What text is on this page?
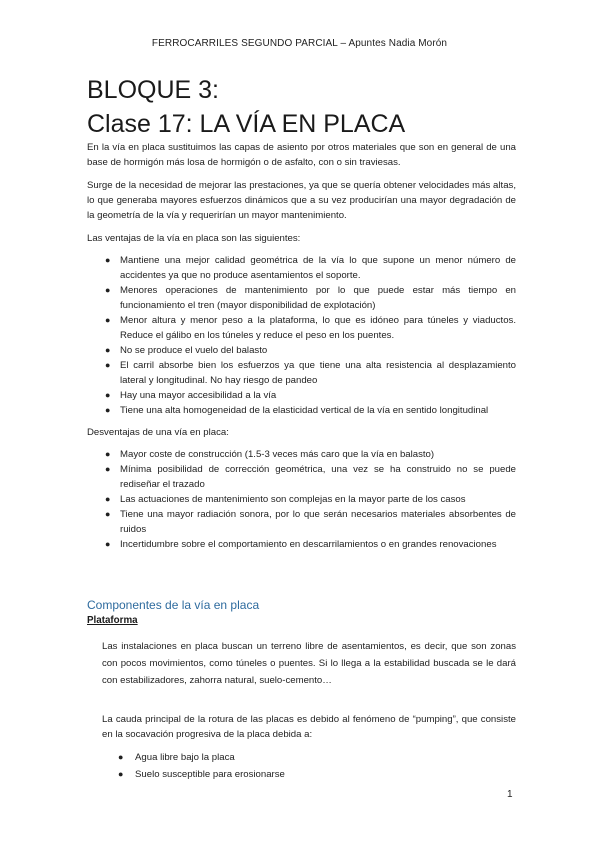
FERROCARRILES SEGUNDO PARCIAL – Apuntes Nadia Morón
BLOQUE 3:
Clase 17: LA VÍA EN PLACA

En la vía en placa sustituimos las capas de asiento por otros materiales que son en general de una base de hormigón más losa de hormigón o de asfalto, con o sin traviesas.

Surge de la necesidad de mejorar las prestaciones, ya que se quería obtener velocidades más altas, lo que generaba mayores esfuerzos dinámicos que a su vez producirían una mayor degradación de la geometría de la vía y requerirían un mayor mantenimiento.

Las ventajas de la vía en placa son las siguientes:

● Mantiene una mejor calidad geométrica de la vía lo que supone un menor número de accidentes ya que no produce asentamientos el soporte.
● Menores operaciones de mantenimiento por lo que puede estar más tiempo en funcionamiento el tren (mayor disponibilidad de explotación)
● Menor altura y menor peso a la plataforma, lo que es idóneo para túneles y viaductos. Reduce el gálibo en los túneles y reduce el peso en los puentes.
● No se produce el vuelo del balasto
● El carril absorbe bien los esfuerzos ya que tiene una alta resistencia al desplazamiento lateral y longitudinal. No hay riesgo de pandeo
● Hay una mayor accesibilidad a la vía
● Tiene una alta homogeneidad de la elasticidad vertical de la vía en sentido longitudinal

Desventajas de una vía en placa:

● Mayor coste de construcción (1.5-3 veces más caro que la vía en balasto)
● Mínima posibilidad de corrección geométrica, una vez se ha construido no se puede rediseñar el trazado
● Las actuaciones de mantenimiento son complejas en la mayor parte de los casos
● Tiene una mayor radiación sonora, por lo que serán necesarios materiales absorbentes de ruidos
● Incertidumbre sobre el comportamiento en descarrilamientos o en grandes renovaciones
Componentes de la vía en placa
Plataforma

Las instalaciones en placa buscan un terreno libre de asentamientos, es decir, que son zonas con pocos movimientos, como túneles o puentes. Si lo llega a la estabilidad buscada se le dará con estabilizadores, zahorra natural, suelo-cemento…

La cauda principal de la rotura de las placas es debido al fenómeno de “pumping”, que consiste en la socavación progresiva de la placa debida a:

● Agua libre bajo la placa
● Suelo susceptible para erosionarse
1
